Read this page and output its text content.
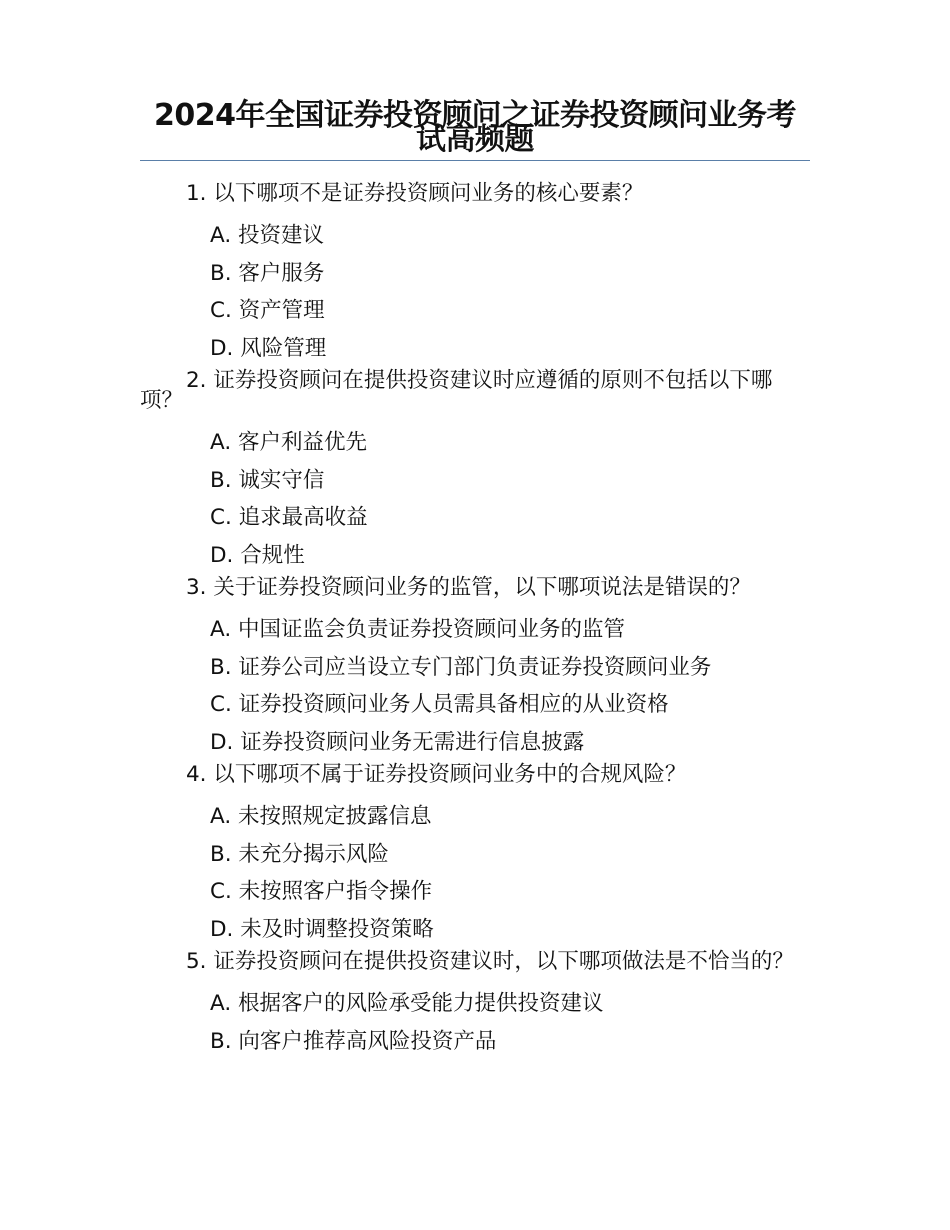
2024年全国证券投资顾问之证券投资顾问业务考试高频题
1. 以下哪项不是证券投资顾问业务的核心要素？
A. 投资建议
B. 客户服务
C. 资产管理
D. 风险管理
2. 证券投资顾问在提供投资建议时应遵循的原则不包括以下哪项？
A. 客户利益优先
B. 诚实守信
C. 追求最高收益
D. 合规性
3. 关于证券投资顾问业务的监管，以下哪项说法是错误的？
A. 中国证监会负责证券投资顾问业务的监管
B. 证券公司应当设立专门部门负责证券投资顾问业务
C. 证券投资顾问业务人员需具备相应的从业资格
D. 证券投资顾问业务无需进行信息披露
4. 以下哪项不属于证券投资顾问业务中的合规风险？
A. 未按照规定披露信息
B. 未充分揭示风险
C. 未按照客户指令操作
D. 未及时调整投资策略
5. 证券投资顾问在提供投资建议时，以下哪项做法是不恰当的？
A. 根据客户的风险承受能力提供投资建议
B. 向客户推荐高风险投资产品
